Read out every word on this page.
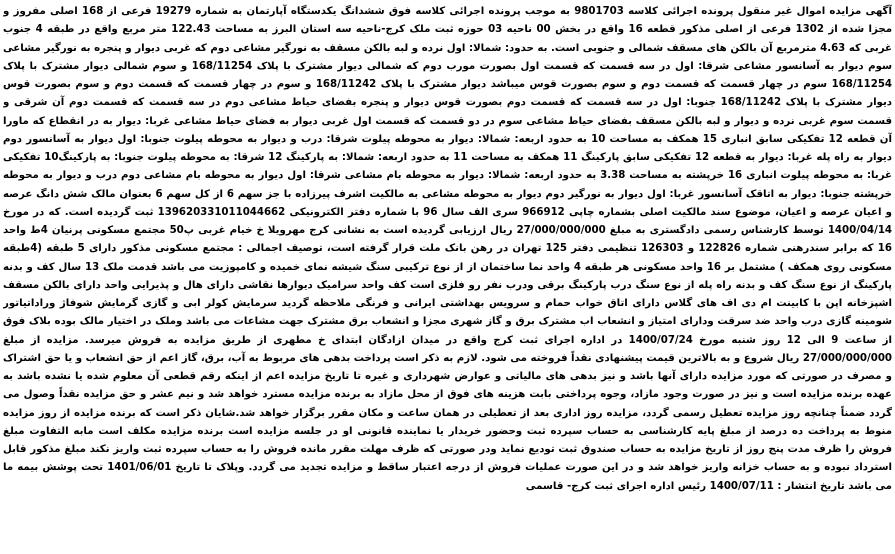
آگهی مزایده اموال غیر منقول پرونده اجرائی کلاسه 9801703 به موجب پرونده اجرائی کلاسه فوق ششدانگ یکدستگاه آپارتمان به شماره 19279 فرعی از 168 اصلی مفروز و مجزا شده از 1302 فرعی از اصلی مذکور قطعه 16 واقع در بخش 00 ناحیه 03 حوزه ثبت ملک کرج-ناحیه سه استان البرز به مساحت 122.43 متر مربع واقع در طبقه 4 جنوب غربی که 4.63 مترمربع آن بالکن های مسقف شمالی و جنوبی است. به حدود: شمالا: اول نرده و لبه بالکن مسقف به نورگیر مشاعی دوم که غربی دیوار و پنجره به نورگیر مشاعی سوم دیوار به آسانسور مشاعی شرقا: اول در سه قسمت که قسمت اول بصورت مورب دوم که شمالی دیوار مشترک با پلاک 168/11254 و سوم شمالی دیوار مشترک با پلاک 168/11254 سوم در چهار قسمت که قسمت دوم و سوم بصورت قوس میباشد دیوار مشترک با پلاک 168/11242 و سوم در چهار قسمت که قسمت دوم و سوم بصورت قوس دیوار مشترک با پلاک 168/11242 جنوبا: اول در سه قسمت که قسمت دوم بصورت قوس دیوار و پنجره بفضای حیاط مشاعی دوم در سه قسمت که قسمت دوم آن شرقی و قسمت سوم غربی نرده و دیوار و لبه بالکن مسقف بفضای حیاط مشاعی سوم در دو قسمت که قسمت اول غربی دیوار به فضای حیاط مشاعی غربا: دیوار به در انقطاع که ماورا آن قطعه 12 تفکیکی سابق انباری 15 همکف به مساحت 10 به حدود اربعه: شمالا: دیوار به محوطه پیلوت شرقا: درب و دیوار به محوطه پیلوت جنوبا: اول دیوار به آسانسور دوم دیوار به راه پله غربا: دیوار به قطعه 12 تفکیکی سابق پارکینگ 11 همکف به مساحت 11 به حدود اربعه: شمالا: به پارکینگ 12 شرقا: به محوطه پیلوت جنوبا: به پارکینگ10 تفکیکی غربا: به محوطه پیلوت انباری 16 خرپشته به مساحت 3.38 به حدود اربعه: شمالا: دیوار به محوطه بام مشاعی شرقا: اول دیوار به محوطه بام مشاعی دوم درب و دیوار به محوطه خرپشته جنوبا: دیوار به اتاقک آسانسور غربا: اول دیوار به نورگیر دوم دیوار به محوطه مشاعی به مالکیت اشرف پیرزاده با جز سهم 6 از کل سهم 6 بعنوان مالک شش دانگ عرصه و اعیان عرصه و اعیان، موضوع سند مالکیت اصلی بشماره چاپی 966912 سری الف سال 96 با شماره دفتر الکترونیکی 139620331011044662 ثبت گردیده است. که در مورخ 1400/04/14 توسط کارشناس رسمی دادگستری به مبلغ 27/000/000/000 ریال ارزیابی گردیده است به نشانی کرج مهرویلا خ خیام غربی پ50 مجتمع مسکونی پرنیان 4ط واحد 16 که برابر سندرهنی شماره 122826 و 126303 تنظیمی دفتر 125 تهران در رهن بانک ملت قرار گرفته است، توصیف اجمالی : مجتمع مسکونی مذکور دارای 5 طبقه (4طبقه مسکونی روی همکف ) مشتمل بر 16 واحد مسکونی هر طبقه 4 واحد نما ساختمان از از نوع ترکیبی سنگ شیشه نمای خمیده و کامپوزیت می باشد قدمت ملک 13 سال کف و بدنه پارکینگ از نوع سنگ کف و بدنه راه پله از نوع سنگ درب پارکینگ برقی ودرب نفر رو فلزی است کف واحد سرامیک دیوارها نقاشی دارای هال و پذیرایی واحد دارای بالکن مسقف اشپزخانه اپن با کابینت ام دی اف های گلاس دارای اتاق خواب حمام و سرویس بهداشتی ایرانی و فرنگی ملاحظه گردید سرمایش کولر ابی و گازی گرمایش شوفاژ وراداتیاتور شومینه گازی درب واحد ضد سرقت ودارای امتیاز و انشعاب اب مشترک برق و گاز شهری مجزا و انشعاب برق مشترک جهت مشاعات می باشد وملک در اختیار مالک بوده بلاک فوق از ساعت 9 الی 12 روز شنبه مورخ 1400/07/24 در اداره اجرای ثبت کرج واقع در میدان ازادگان ابتدای خ مطهری از طریق مزایده به فروش میرسد. مزایده از مبلغ 27/000/000/000 ریال شروع و به بالاترین قیمت پیشنهادی نقداً فروخته می شود. لازم به ذکر است پرداخت بدهی های مربوط به آب، برق، گاز اعم از حق انشعاب و یا حق اشتراک و مصرف در صورتی که مورد مزایده دارای آنها باشد و نیز بدهی های مالیاتی و عوارض شهرداری و غیره تا تاریخ مزایده اعم از اینکه رقم قطعی آن معلوم شده یا نشده باشد به عهده برنده مزایده است و نیز در صورت وجود مازاد، وجوه پرداختی بابت هزینه های فوق از محل مازاد به برنده مزایده مسترد خواهد شد و نیم عشر و حق مزایده نقداً وصول می گردد ضمناً چنانچه روز مزایده تعطیل رسمی گردد، مزایده روز اداری بعد از تعطیلی در همان ساعت و مکان مقرر برگزار خواهد شد.شایان ذکر است که برنده مزایده از روز مزایده منوط به پرداخت ده درصد از مبلغ پایه کارشناسی به حساب سپرده ثبت وحضور خریدار یا نماینده قانونی او در جلسه مزایده است برنده مزایده مکلف است مابه التفاوت مبلغ فروش را ظرف مدت پنج روز از تاریخ مزایده به حساب صندوق ثبت تودیع نماید ودر صورتی که ظرف مهلت مقرر مانده فروش را به حساب سپرده ثبت واریز نکند مبلغ مذکور قابل استرداد نبوده و به حساب خزانه واریز خواهد شد و در این صورت عملیات فروش از درجه اعتبار ساقط و مزایده تجدید می گردد. وپلاک تا تاریخ 1401/06/01 تحت پوشش بیمه ما می باشد تاریخ انتشار : 1400/07/11 رئیس اداره اجرای ثبت کرج- قاسمی
